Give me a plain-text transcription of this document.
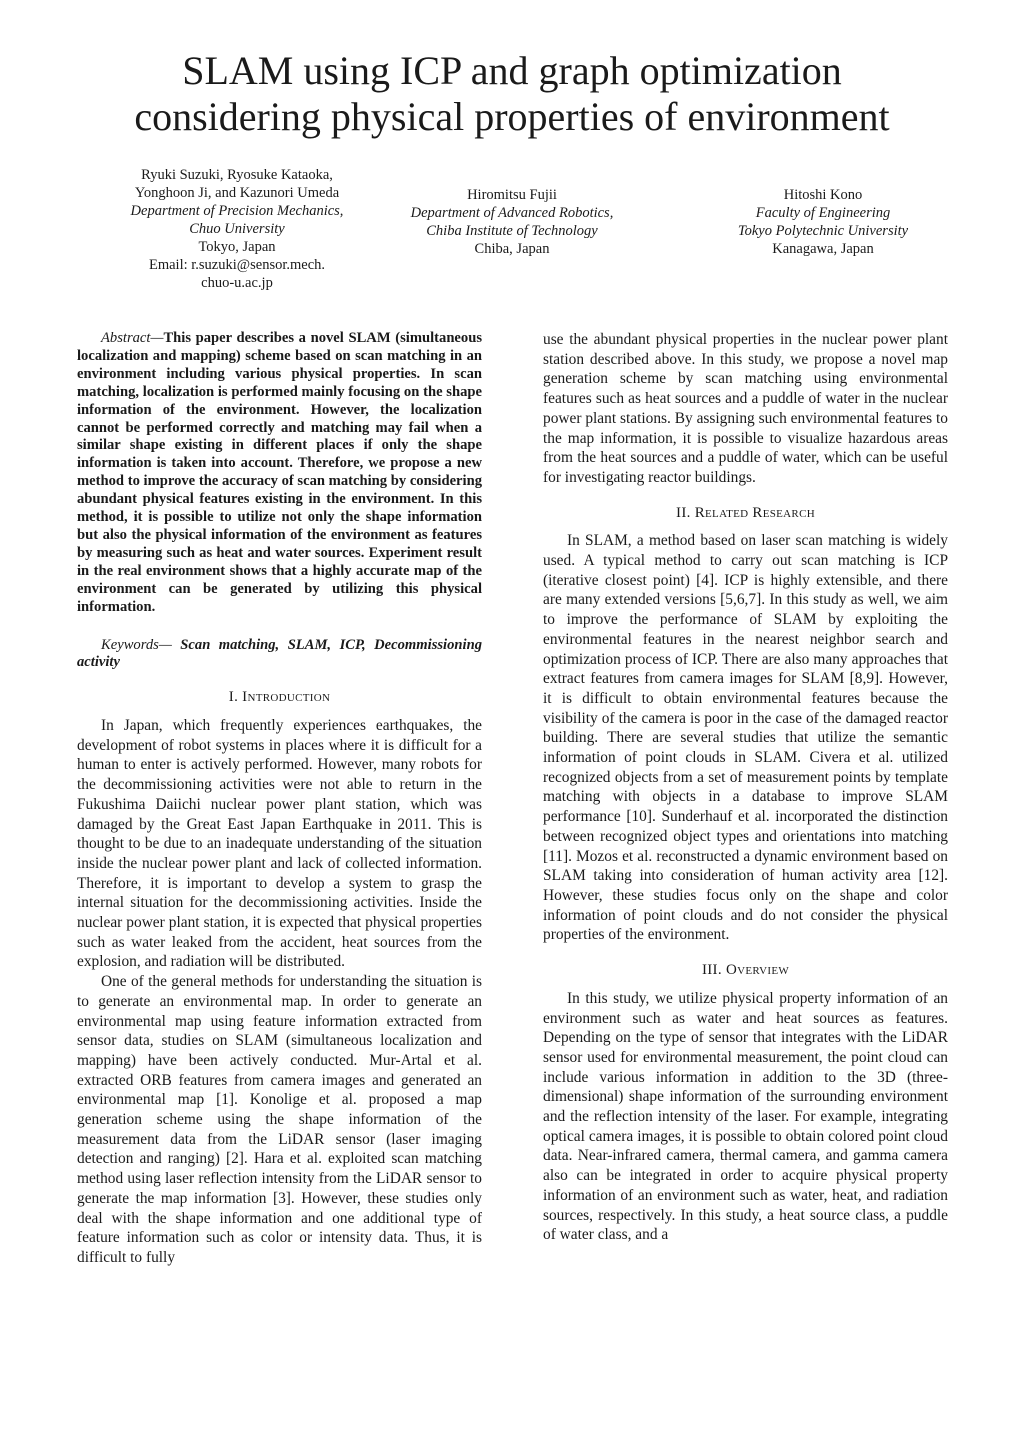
SLAM using ICP and graph optimization
considering physical properties of environment
Ryuki Suzuki, Ryosuke Kataoka,
Yonghoon Ji, and Kazunori Umeda
Department of Precision Mechanics,
Chuo University
Tokyo, Japan
Email: r.suzuki@sensor.mech.
chuo-u.ac.jp
Hiromitsu Fujii
Department of Advanced Robotics,
Chiba Institute of Technology
Chiba, Japan
Hitoshi Kono
Faculty of Engineering
Tokyo Polytechnic University
Kanagawa, Japan

Abstract—This paper describes a novel SLAM (simultaneous localization and mapping) scheme based on scan matching in an environment including various physical properties. In scan matching, localization is performed mainly focusing on the shape information of the environment. However, the localization cannot be performed correctly and matching may fail when a similar shape existing in different places if only the shape information is taken into account. Therefore, we propose a new method to improve the accuracy of scan matching by considering abundant physical features existing in the environment. In this method, it is possible to utilize not only the shape information but also the physical information of the environment as features by measuring such as heat and water sources. Experiment result in the real environment shows that a highly accurate map of the environment can be generated by utilizing this physical information.

Keywords— Scan matching, SLAM, ICP, Decommissioning activity

I. Introduction

In Japan, which frequently experiences earthquakes, the development of robot systems in places where it is difficult for a human to enter is actively performed. However, many robots for the decommissioning activities were not able to return in the Fukushima Daiichi nuclear power plant station, which was damaged by the Great East Japan Earthquake in 2011. This is thought to be due to an inadequate understanding of the situation inside the nuclear power plant and lack of collected information. Therefore, it is important to develop a system to grasp the internal situation for the decommissioning activities. Inside the nuclear power plant station, it is expected that physical properties such as water leaked from the accident, heat sources from the explosion, and radiation will be distributed.

One of the general methods for understanding the situation is to generate an environmental map. In order to generate an environmental map using feature information extracted from sensor data, studies on SLAM (simultaneous localization and mapping) have been actively conducted. Mur-Artal et al. extracted ORB features from camera images and generated an environmental map [1]. Konolige et al. proposed a map generation scheme using the shape information of the measurement data from the LiDAR sensor (laser imaging detection and ranging) [2]. Hara et al. exploited scan matching method using laser reflection intensity from the LiDAR sensor to generate the map information [3]. However, these studies only deal with the shape information and one additional type of feature information such as color or intensity data. Thus, it is difficult to fully

use the abundant physical properties in the nuclear power plant station described above. In this study, we propose a novel map generation scheme by scan matching using environmental features such as heat sources and a puddle of water in the nuclear power plant stations. By assigning such environmental features to the map information, it is possible to visualize hazardous areas from the heat sources and a puddle of water, which can be useful for investigating reactor buildings.

II. Related Research

In SLAM, a method based on laser scan matching is widely used. A typical method to carry out scan matching is ICP (iterative closest point) [4]. ICP is highly extensible, and there are many extended versions [5,6,7]. In this study as well, we aim to improve the performance of SLAM by exploiting the environmental features in the nearest neighbor search and optimization process of ICP. There are also many approaches that extract features from camera images for SLAM [8,9]. However, it is difficult to obtain environmental features because the visibility of the camera is poor in the case of the damaged reactor building. There are several studies that utilize the semantic information of point clouds in SLAM. Civera et al. utilized recognized objects from a set of measurement points by template matching with objects in a database to improve SLAM performance [10]. Sunderhauf et al. incorporated the distinction between recognized object types and orientations into matching [11]. Mozos et al. reconstructed a dynamic environment based on SLAM taking into consideration of human activity area [12]. However, these studies focus only on the shape and color information of point clouds and do not consider the physical properties of the environment.

III. Overview

In this study, we utilize physical property information of an environment such as water and heat sources as features. Depending on the type of sensor that integrates with the LiDAR sensor used for environmental measurement, the point cloud can include various information in addition to the 3D (three-dimensional) shape information of the surrounding environment and the reflection intensity of the laser. For example, integrating optical camera images, it is possible to obtain colored point cloud data. Near-infrared camera, thermal camera, and gamma camera also can be integrated in order to acquire physical property information of an environment such as water, heat, and radiation sources, respectively. In this study, a heat source class, a puddle of water class, and a
